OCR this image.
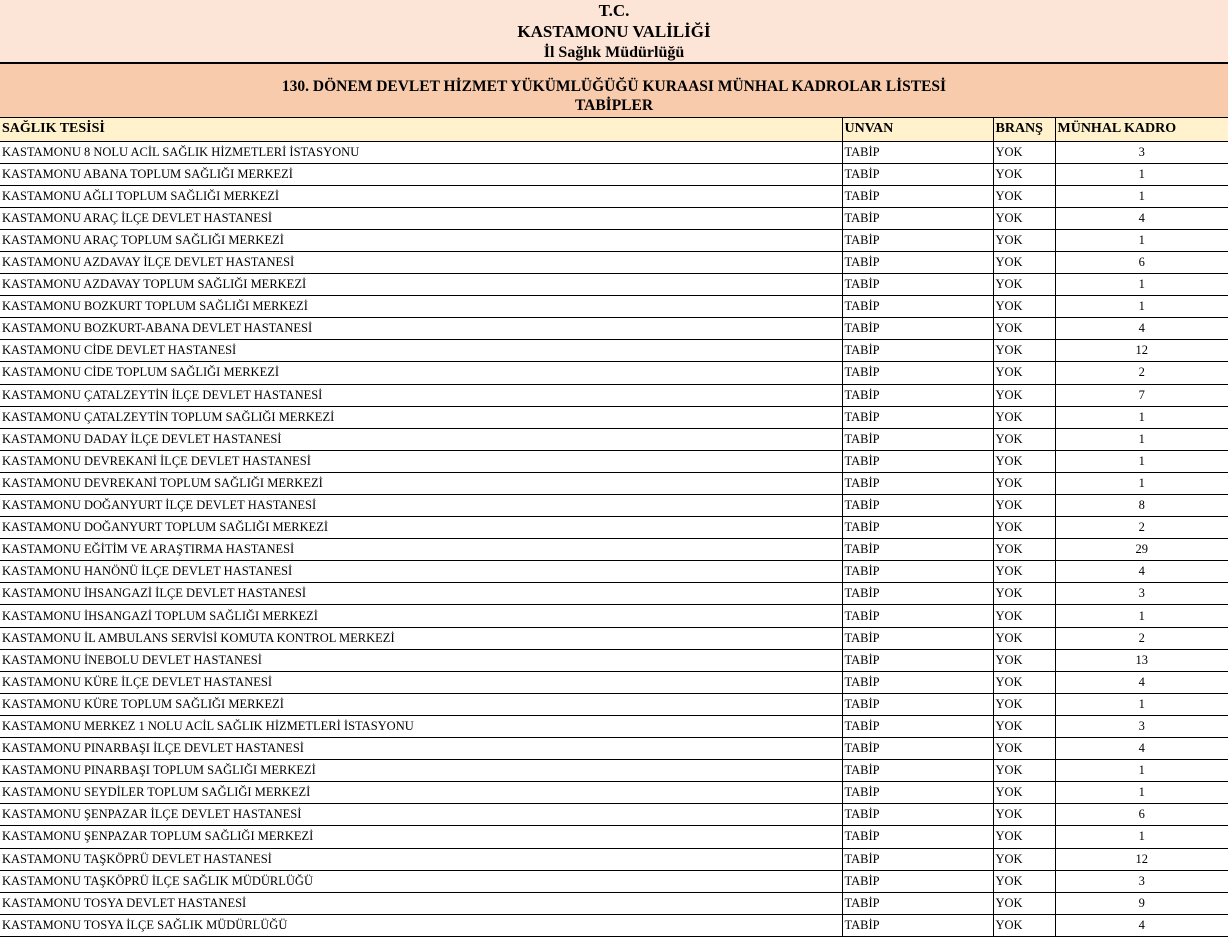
T.C.
KASTAMONU VALİLİĞİ
İl Sağlık Müdürlüğü
130. DÖNEM DEVLET HİZMET YÜKÜMLÜĞÜĞÜ KURAASI MÜNHAL KADROLAR LİSTESİ
TABİPLER
SAĞLIK TESİSİ	UNVAN	BRANŞ	MÜNHAL KADRO
KASTAMONU 8 NOLU ACİL SAĞLIK HİZMETLERİ İSTASYONU	TABİP	YOK	3
KASTAMONU ABANA TOPLUM SAĞLIĞI MERKEZİ	TABİP	YOK	1
KASTAMONU AĞLI TOPLUM SAĞLIĞI MERKEZİ	TABİP	YOK	1
KASTAMONU ARAÇ İLÇE DEVLET HASTANESİ	TABİP	YOK	4
KASTAMONU ARAÇ TOPLUM SAĞLIĞI MERKEZİ	TABİP	YOK	1
KASTAMONU AZDAVAY İLÇE DEVLET HASTANESİ	TABİP	YOK	6
KASTAMONU AZDAVAY TOPLUM SAĞLIĞI MERKEZİ	TABİP	YOK	1
KASTAMONU BOZKURT TOPLUM SAĞLIĞI MERKEZİ	TABİP	YOK	1
KASTAMONU BOZKURT-ABANA DEVLET HASTANESİ	TABİP	YOK	4
KASTAMONU CİDE DEVLET HASTANESİ	TABİP	YOK	12
KASTAMONU CİDE TOPLUM SAĞLIĞI MERKEZİ	TABİP	YOK	2
KASTAMONU ÇATALZEYTİN İLÇE DEVLET HASTANESİ	TABİP	YOK	7
KASTAMONU ÇATALZEYTİN TOPLUM SAĞLIĞI MERKEZİ	TABİP	YOK	1
KASTAMONU DADAY İLÇE DEVLET HASTANESİ	TABİP	YOK	1
KASTAMONU DEVREKANİ İLÇE DEVLET HASTANESİ	TABİP	YOK	1
KASTAMONU DEVREKANİ TOPLUM SAĞLIĞI MERKEZİ	TABİP	YOK	1
KASTAMONU DOĞANYURT İLÇE DEVLET HASTANESİ	TABİP	YOK	8
KASTAMONU DOĞANYURT TOPLUM SAĞLIĞI MERKEZİ	TABİP	YOK	2
KASTAMONU EĞİTİM VE ARAŞTIRMA HASTANESİ	TABİP	YOK	29
KASTAMONU HANÖNÜ İLÇE DEVLET HASTANESİ	TABİP	YOK	4
KASTAMONU İHSANGAZİ İLÇE DEVLET HASTANESİ	TABİP	YOK	3
KASTAMONU İHSANGAZİ TOPLUM SAĞLIĞI MERKEZİ	TABİP	YOK	1
KASTAMONU İL AMBULANS SERVİSİ KOMUTA KONTROL MERKEZİ	TABİP	YOK	2
KASTAMONU İNEBOLU DEVLET HASTANESİ	TABİP	YOK	13
KASTAMONU KÜRE İLÇE DEVLET HASTANESİ	TABİP	YOK	4
KASTAMONU KÜRE TOPLUM SAĞLIĞI MERKEZİ	TABİP	YOK	1
KASTAMONU MERKEZ 1 NOLU ACİL SAĞLIK HİZMETLERİ İSTASYONU	TABİP	YOK	3
KASTAMONU PINARBAŞI İLÇE DEVLET HASTANESİ	TABİP	YOK	4
KASTAMONU PINARBAŞI TOPLUM SAĞLIĞI MERKEZİ	TABİP	YOK	1
KASTAMONU SEYDİLER TOPLUM SAĞLIĞI MERKEZİ	TABİP	YOK	1
KASTAMONU ŞENPAZAR İLÇE DEVLET HASTANESİ	TABİP	YOK	6
KASTAMONU ŞENPAZAR TOPLUM SAĞLIĞI MERKEZİ	TABİP	YOK	1
KASTAMONU TAŞKÖPRÜ DEVLET HASTANESİ	TABİP	YOK	12
KASTAMONU TAŞKÖPRÜ İLÇE SAĞLIK MÜDÜRLÜĞÜ	TABİP	YOK	3
KASTAMONU TOSYA DEVLET HASTANESİ	TABİP	YOK	9
KASTAMONU TOSYA İLÇE SAĞLIK MÜDÜRLÜĞÜ	TABİP	YOK	4
